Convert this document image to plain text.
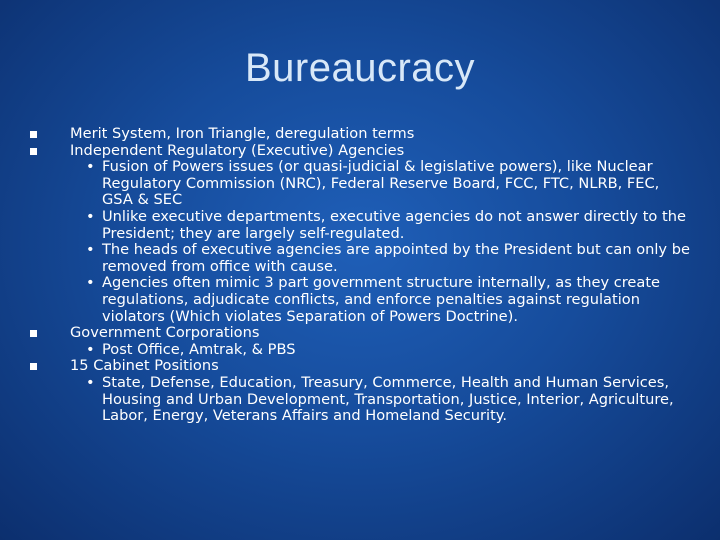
Bureaucracy
Merit System, Iron Triangle, deregulation terms
Independent Regulatory (Executive) Agencies
• Fusion of Powers issues (or quasi-judicial & legislative powers), like Nuclear Regulatory Commission (NRC), Federal Reserve Board, FCC, FTC, NLRB, FEC, GSA & SEC
• Unlike executive departments, executive agencies do not answer directly to the President; they are largely self-regulated.
• The heads of executive agencies are appointed by the President but can only be removed from office with cause.
• Agencies often mimic 3 part government structure internally, as they create regulations, adjudicate conflicts, and enforce penalties against regulation violators (Which violates Separation of Powers Doctrine).
Government Corporations
• Post Office, Amtrak, & PBS
15 Cabinet Positions
• State, Defense, Education, Treasury, Commerce, Health and Human Services, Housing and Urban Development, Transportation, Justice, Interior, Agriculture, Labor, Energy, Veterans Affairs and Homeland Security.
